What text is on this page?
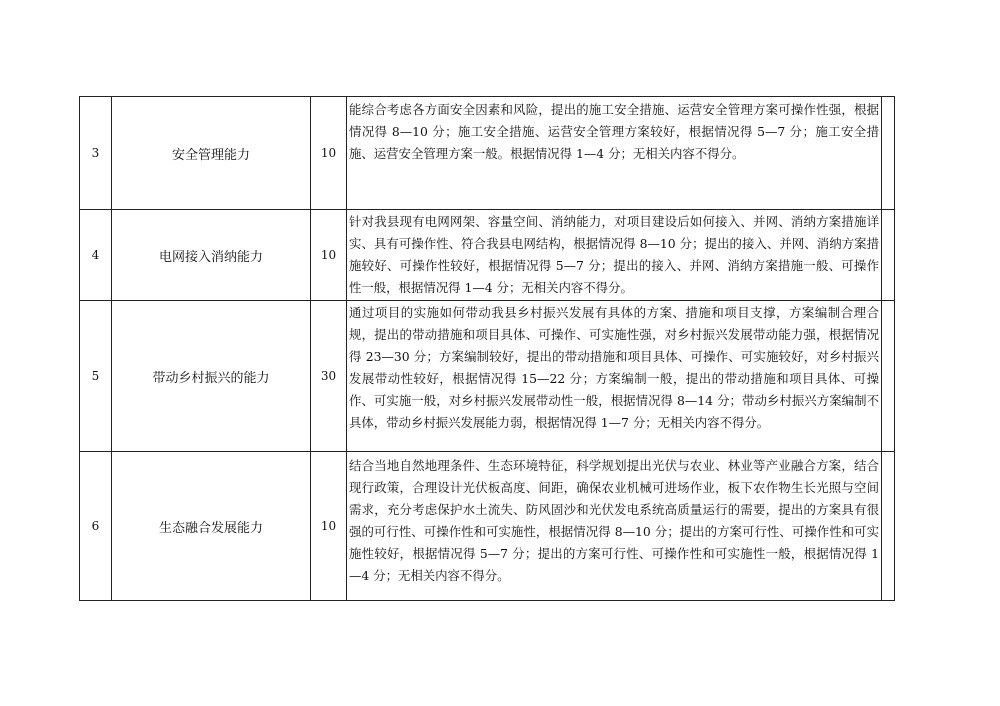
3	安全管理能力	10	能综合考虑各方面安全因素和风险，提出的施工安全措施、运营安全管理方案可操作性强，根据情况得 8—10 分；施工安全措施、运营安全管理方案较好，根据情况得 5—7 分；施工安全措施、运营安全管理方案一般。根据情况得 1—4 分；无相关内容不得分。	

4	电网接入消纳能力	10	针对我县现有电网网架、容量空间、消纳能力，对项目建设后如何接入、并网、消纳方案措施详实、具有可操作性、符合我县电网结构，根据情况得 8—10 分；提出的接入、并网、消纳方案措施较好、可操作性较好，根据情况得 5—7 分；提出的接入、并网、消纳方案措施一般、可操作性一般，根据情况得 1—4 分；无相关内容不得分。	

5	带动乡村振兴的能力	30	通过项目的实施如何带动我县乡村振兴发展有具体的方案、措施和项目支撑，方案编制合理合规，提出的带动措施和项目具体、可操作、可实施性强，对乡村振兴发展带动能力强，根据情况得 23—30 分；方案编制较好，提出的带动措施和项目具体、可操作、可实施较好，对乡村振兴发展带动性较好，根据情况得 15—22 分；方案编制一般，提出的带动措施和项目具体、可操作、可实施一般，对乡村振兴发展带动性一般，根据情况得 8—14 分；带动乡村振兴方案编制不具体，带动乡村振兴发展能力弱，根据情况得 1—7 分；无相关内容不得分。	

6	生态融合发展能力	10	结合当地自然地理条件、生态环境特征，科学规划提出光伏与农业、林业等产业融合方案，结合现行政策，合理设计光伏板高度、间距，确保农业机械可进场作业，板下农作物生长光照与空间需求，充分考虑保护水土流失、防风固沙和光伏发电系统高质量运行的需要，提出的方案具有很强的可行性、可操作性和可实施性，根据情况得 8—10 分；提出的方案可行性、可操作性和可实施性较好，根据情况得 5—7 分；提出的方案可行性、可操作性和可实施性一般，根据情况得 1—4 分；无相关内容不得分。	
